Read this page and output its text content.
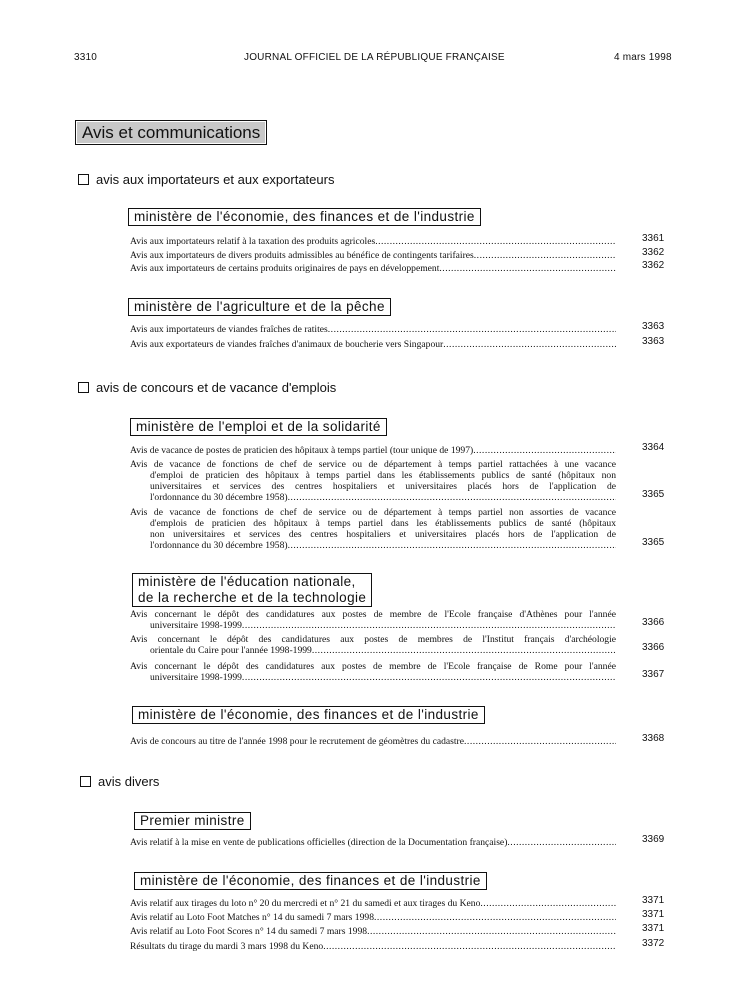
3310	JOURNAL OFFICIEL DE LA RÉPUBLIQUE FRANÇAISE	4 mars 1998
Avis et communications
avis aux importateurs et aux exportateurs
ministère de l'économie, des finances et de l'industrie
Avis aux importateurs relatif à la taxation des produits agricoles .....	3361
Avis aux importateurs de divers produits admissibles au bénéfice de contingents tarifaires .....	3362
Avis aux importateurs de certains produits originaires de pays en développement .....	3362
ministère de l'agriculture et de la pêche
Avis aux importateurs de viandes fraîches de ratites .....	3363
Avis aux exportateurs de viandes fraîches d'animaux de boucherie vers Singapour .....	3363
avis de concours et de vacance d'emplois
ministère de l'emploi et de la solidarité
Avis de vacance de postes de praticien des hôpitaux à temps partiel (tour unique de 1997) .....	3364
Avis de vacance de fonctions de chef de service ou de département à temps partiel rattachées à une vacance
d'emploi de praticien des hôpitaux à temps partiel dans les établissements publics de santé (hôpitaux non
universitaires et services des centres hospitaliers et universitaires placés hors de l'application de
l'ordonnance du 30 décembre 1958) .....	3365
Avis de vacance de fonctions de chef de service ou de département à temps partiel non assorties de vacance
d'emplois de praticien des hôpitaux à temps partiel dans les établissements publics de santé (hôpitaux
non universitaires et services des centres hospitaliers et universitaires placés hors de l'application de
l'ordonnance du 30 décembre 1958) .....	3365
ministère de l'éducation nationale,
de la recherche et de la technologie
Avis concernant le dépôt des candidatures aux postes de membre de l'Ecole française d'Athènes pour l'année
universitaire 1998-1999 .....	3366
Avis concernant le dépôt des candidatures aux postes de membres de l'Institut français d'archéologie
orientale du Caire pour l'année 1998-1999 .....	3366
Avis concernant le dépôt des candidatures aux postes de membre de l'Ecole française de Rome pour l'année
universitaire 1998-1999 .....	3367
ministère de l'économie, des finances et de l'industrie
Avis de concours au titre de l'année 1998 pour le recrutement de géomètres du cadastre .....	3368
avis divers
Premier ministre
Avis relatif à la mise en vente de publications officielles (direction de la Documentation française) .....	3369
ministère de l'économie, des finances et de l'industrie
Avis relatif aux tirages du loto n° 20 du mercredi et n° 21 du samedi et aux tirages du Keno .....	3371
Avis relatif au Loto Foot Matches n° 14 du samedi 7 mars 1998 .....	3371
Avis relatif au Loto Foot Scores n° 14 du samedi 7 mars 1998 .....	3371
Résultats du tirage du mardi 3 mars 1998 du Keno .....	3372
